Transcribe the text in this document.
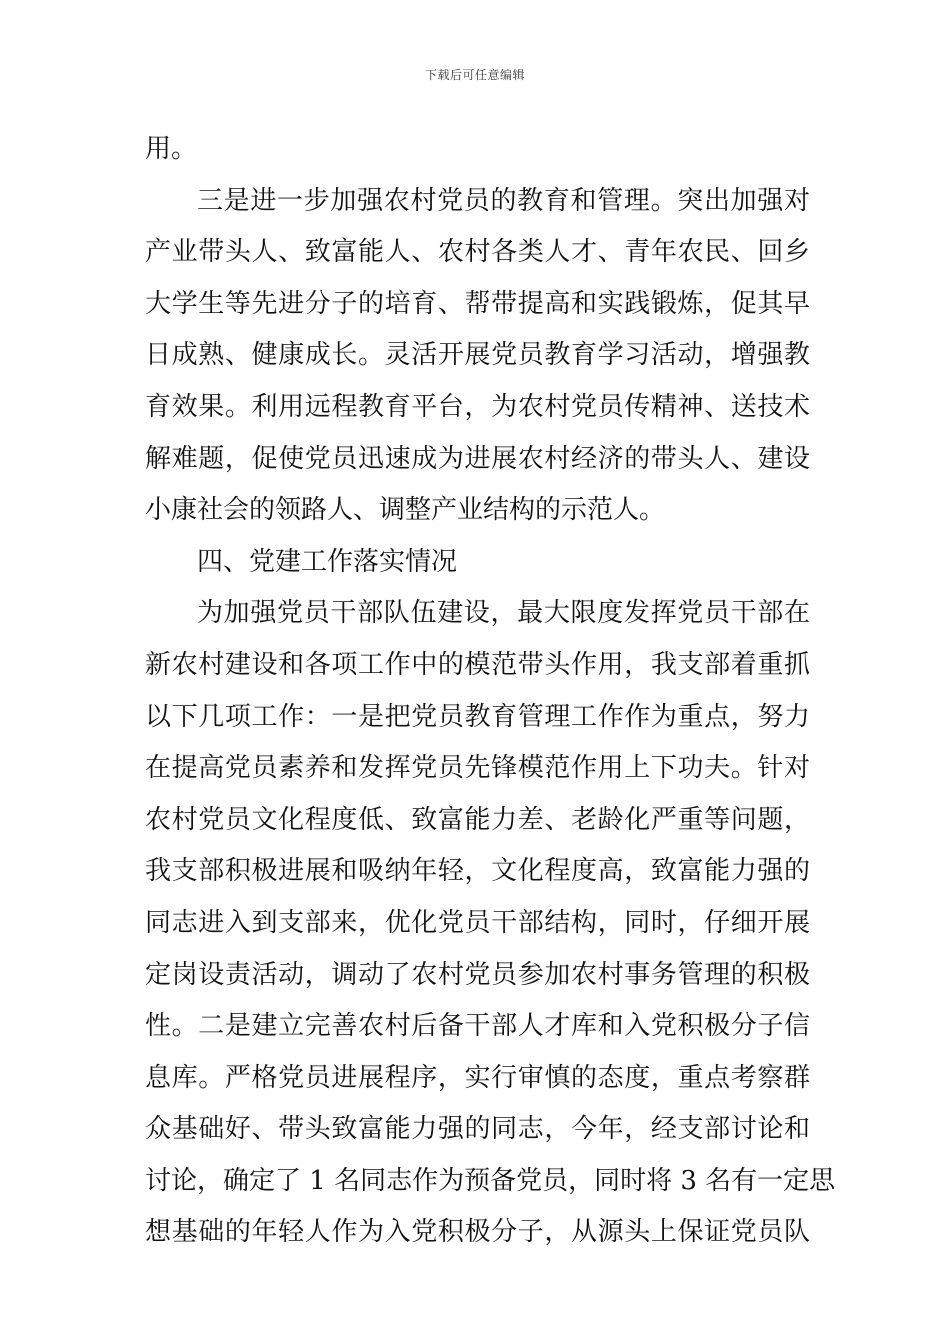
下载后可任意编辑
用。
三是进一步加强农村党员的教育和管理。突出加强对
产业带头人、致富能人、农村各类人才、青年农民、回乡
大学生等先进分子的培育、帮带提高和实践锻炼，促其早
日成熟、健康成长。灵活开展党员教育学习活动，增强教
育效果。利用远程教育平台，为农村党员传精神、送技术
解难题，促使党员迅速成为进展农村经济的带头人、建设
小康社会的领路人、调整产业结构的示范人。
四、党建工作落实情况
为加强党员干部队伍建设，最大限度发挥党员干部在
新农村建设和各项工作中的模范带头作用，我支部着重抓
以下几项工作：一是把党员教育管理工作作为重点，努力
在提高党员素养和发挥党员先锋模范作用上下功夫。针对
农村党员文化程度低、致富能力差、老龄化严重等问题，
我支部积极进展和吸纳年轻，文化程度高，致富能力强的
同志进入到支部来，优化党员干部结构，同时，仔细开展
定岗设责活动，调动了农村党员参加农村事务管理的积极
性。二是建立完善农村后备干部人才库和入党积极分子信
息库。严格党员进展程序，实行审慎的态度，重点考察群
众基础好、带头致富能力强的同志，今年，经支部讨论和
讨论，确定了 1 名同志作为预备党员，同时将 3 名有一定思
想基础的年轻人作为入党积极分子，从源头上保证党员队
